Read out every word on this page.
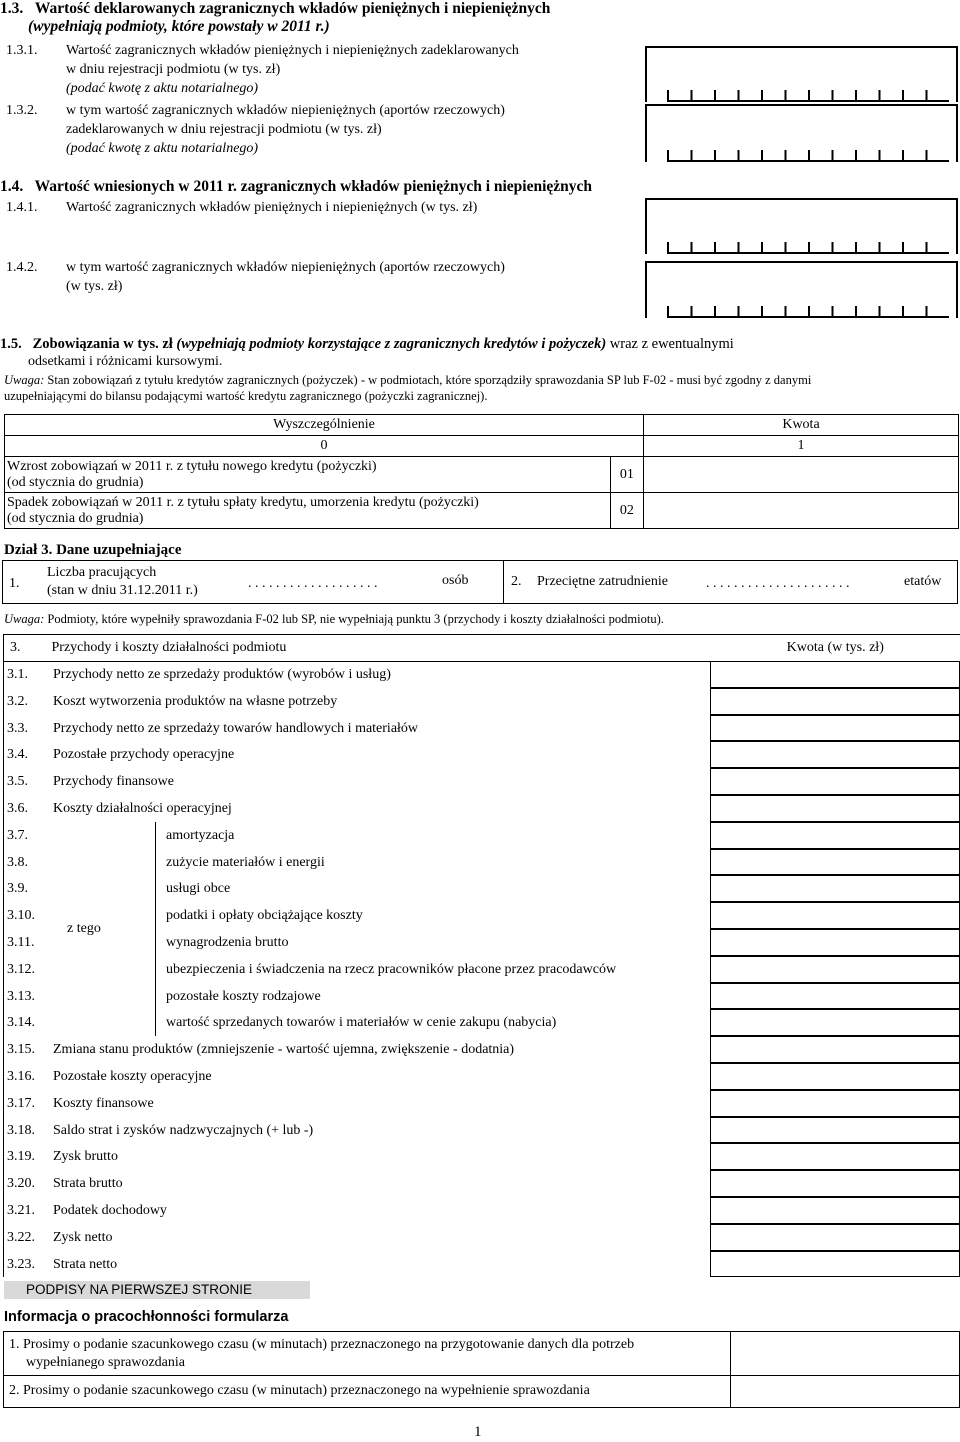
1.3. Wartość deklarowanych zagranicznych wkładów pieniężnych i niepieniężnych
(wypełniają podmioty, które powstały w 2011 r.)
1.3.1. Wartość zagranicznych wkładów pieniężnych i niepieniężnych zadeklarowanych
w dniu rejestracji podmiotu (w tys. zł)
(podać kwotę z aktu notarialnego)
1.3.2. w tym wartość zagranicznych wkładów niepieniężnych (aportów rzeczowych)
zadeklarowanych w dniu rejestracji podmiotu (w tys. zł)
(podać kwotę z aktu notarialnego)
1.4. Wartość wniesionych w 2011 r. zagranicznych wkładów pieniężnych i niepieniężnych
1.4.1. Wartość zagranicznych wkładów pieniężnych i niepieniężnych (w tys. zł)
1.4.2. w tym wartość zagranicznych wkładów niepieniężnych (aportów rzeczowych)
(w tys. zł)
1.5. Zobowiązania w tys. zł (wypełniają podmioty korzystające z zagranicznych kredytów i pożyczek) wraz z ewentualnymi
odsetkami i różnicami kursowymi.
Uwaga: Stan zobowiązań z tytułu kredytów zagranicznych (pożyczek) - w podmiotach, które sporządziły sprawozdania SP lub F-02 - musi być zgodny z danymi
uzupełniającymi do bilansu podającymi wartość kredytu zagranicznego (pożyczki zagranicznej).
Wyszczególnienie		Kwota
0		1

Wzrost zobowiązań w 2011 r. z tytułu nowego kredytu (pożyczki)
(od stycznia do grudnia)	01	

Spadek zobowiązań w 2011 r. z tytułu spłaty kredytu, umorzenia kredytu (pożyczki)
(od stycznia do grudnia)	02	
Dział 3. Dane uzupełniające
1.
Liczba pracujących
(stan w dniu 31.12.2011 r.)	. . . . . . . . . . . . . . . . . . .	osób	2. Przeciętne zatrudnienie	. . . . . . . . . . . . . . . . . . . . .	etatów
Uwaga: Podmioty, które wypełniły sprawozdania F-02 lub SP, nie wypełniają punktu 3 (przychody i koszty działalności podmiotu).
3.	Przychody i koszty działalności podmiotu	Kwota (w tys. zł)
3.1. Przychody netto ze sprzedaży produktów (wyrobów i usług)
3.2. Koszt wytworzenia produktów na własne potrzeby
3.3. Przychody netto ze sprzedaży towarów handlowych i materiałów
3.4. Pozostałe przychody operacyjne
3.5. Przychody finansowe
3.6. Koszty działalności operacyjnej
3.7.	amortyzacja
3.8.	zużycie materiałów i energii
3.9.	usługi obce
3.10.	podatki i opłaty obciążające koszty
3.11.	wynagrodzenia brutto
3.12.	ubezpieczenia i świadczenia na rzecz pracowników płacone przez pracodawców
3.13.	pozostałe koszty rodzajowe
3.14.	wartość sprzedanych towarów i materiałów w cenie zakupu (nabycia)
3.15. Zmiana stanu produktów (zmniejszenie - wartość ujemna, zwiększenie - dodatnia)
3.16. Pozostałe koszty operacyjne
3.17. Koszty finansowe
3.18. Saldo strat i zysków nadzwyczajnych (+ lub -)
3.19. Zysk brutto
3.20. Strata brutto
3.21. Podatek dochodowy
3.22. Zysk netto
3.23. Strata netto
z tego
PODPISY NA PIERWSZEJ STRONIE
Informacja o pracochłonności formularza
1. Prosimy o podanie szacunkowego czasu (w minutach) przeznaczonego na przygotowanie danych dla potrzeb
wypełnianego sprawozdania
2. Prosimy o podanie szacunkowego czasu (w minutach) przeznaczonego na wypełnienie sprawozdania
1
